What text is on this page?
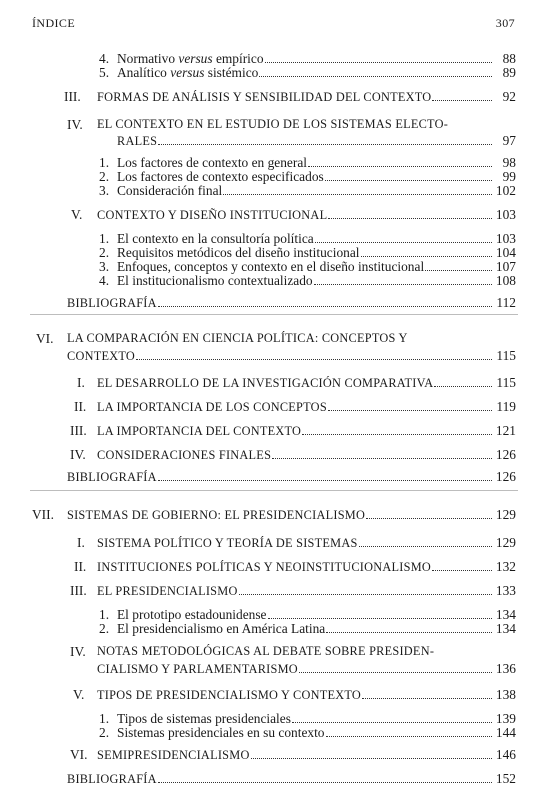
ÍNDICE	307
4. Normativo versus empírico	88
5. Analítico versus sistémico	89
III. FORMAS DE ANÁLISIS Y SENSIBILIDAD DEL CONTEXTO	92
IV. EL CONTEXTO EN EL ESTUDIO DE LOS SISTEMAS ELECTO-
RALES	97
1. Los factores de contexto en general	98
2. Los factores de contexto especificados	99
3. Consideración final	102
V. CONTEXTO Y DISEÑO INSTITUCIONAL	103
1. El contexto en la consultoría política	103
2. Requisitos metódicos del diseño institucional	104
3. Enfoques, conceptos y contexto en el diseño institucional	107
4. El institucionalismo contextualizado	108
BIBLIOGRAFÍA	112
VI. LA COMPARACIÓN EN CIENCIA POLÍTICA: CONCEPTOS Y
CONTEXTO	115
I. EL DESARROLLO DE LA INVESTIGACIÓN COMPARATIVA	115
II. LA IMPORTANCIA DE LOS CONCEPTOS	119
III. LA IMPORTANCIA DEL CONTEXTO	121
IV. CONSIDERACIONES FINALES	126
BIBLIOGRAFÍA	126
VII. SISTEMAS DE GOBIERNO: EL PRESIDENCIALISMO	129
I. SISTEMA POLÍTICO Y TEORÍA DE SISTEMAS	129
II. INSTITUCIONES POLÍTICAS Y NEOINSTITUCIONALISMO	132
III. EL PRESIDENCIALISMO	133
1. El prototipo estadounidense	134
2. El presidencialismo en América Latina	134
IV. NOTAS METODOLÓGICAS AL DEBATE SOBRE PRESIDEN-
CIALISMO Y PARLAMENTARISMO	136
V. TIPOS DE PRESIDENCIALISMO Y CONTEXTO	138
1. Tipos de sistemas presidenciales	139
2. Sistemas presidenciales en su contexto	144
VI. SEMIPRESIDENCIALISMO	146
BIBLIOGRAFÍA	152
